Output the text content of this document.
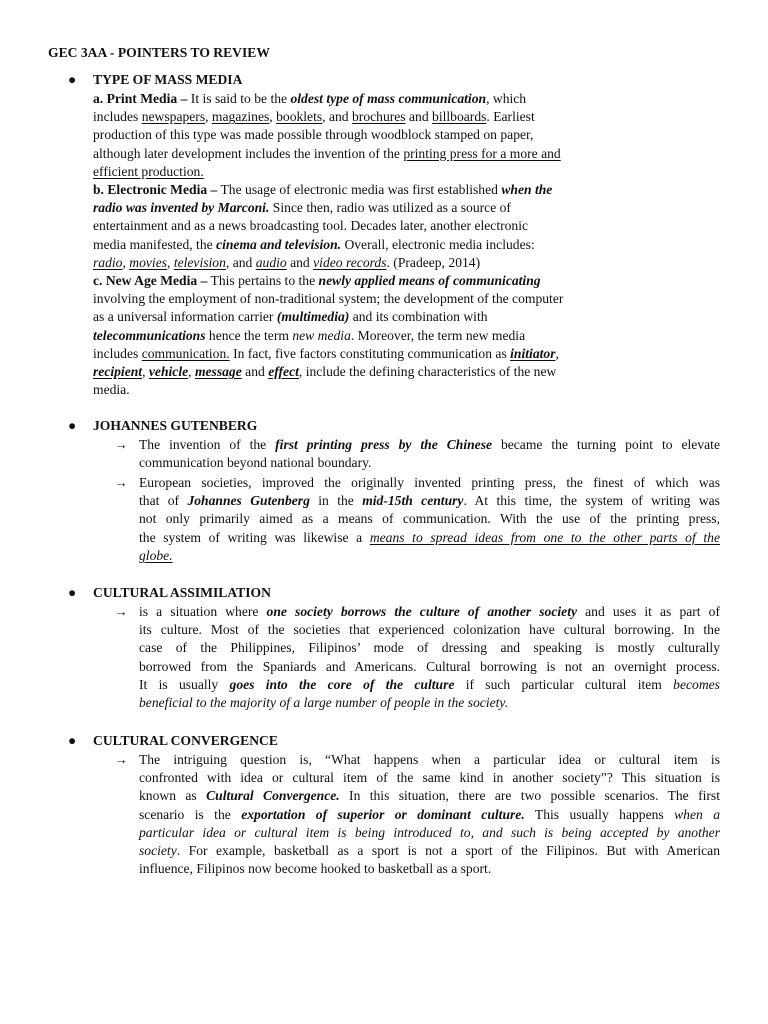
GEC 3AA - POINTERS TO REVIEW
● TYPE OF MASS MEDIA
a. Print Media – It is said to be the oldest type of mass communication, which
includes newspapers, magazines, booklets, and brochures and billboards. Earliest
production of this type was made possible through woodblock stamped on paper,
although later development includes the invention of the printing press for a more and
efficient production.
b. Electronic Media – The usage of electronic media was first established when the
radio was invented by Marconi. Since then, radio was utilized as a source of
entertainment and as a news broadcasting tool. Decades later, another electronic
media manifested, the cinema and television. Overall, electronic media includes:
radio, movies, television, and audio and video records. (Pradeep, 2014)
c. New Age Media – This pertains to the newly applied means of communicating
involving the employment of non-traditional system; the development of the computer
as a universal information carrier (multimedia) and its combination with
telecommunications hence the term new media. Moreover, the term new media
includes communication. In fact, five factors constituting communication as initiator,
recipient, vehicle, message and effect, include the defining characteristics of the new
media.
● JOHANNES GUTENBERG
→ The invention of the first printing press by the Chinese became the turning point to elevate
communication beyond national boundary.
→ European societies, improved the originally invented printing press, the finest of which was
that of Johannes Gutenberg in the mid-15th century. At this time, the system of writing was
not only primarily aimed as a means of communication. With the use of the printing press,
the system of writing was likewise a means to spread ideas from one to the other parts of the
globe.
● CULTURAL ASSIMILATION
→ is a situation where one society borrows the culture of another society and uses it as part of
its culture. Most of the societies that experienced colonization have cultural borrowing. In the
case of the Philippines, Filipinos’ mode of dressing and speaking is mostly culturally
borrowed from the Spaniards and Americans. Cultural borrowing is not an overnight process.
It is usually goes into the core of the culture if such particular cultural item becomes
beneficial to the majority of a large number of people in the society.
● CULTURAL CONVERGENCE
→ The intriguing question is, “What happens when a particular idea or cultural item is
confronted with idea or cultural item of the same kind in another society”? This situation is
known as Cultural Convergence. In this situation, there are two possible scenarios. The first
scenario is the exportation of superior or dominant culture. This usually happens when a
particular idea or cultural item is being introduced to, and such is being accepted by another
society. For example, basketball as a sport is not a sport of the Filipinos. But with American
influence, Filipinos now become hooked to basketball as a sport.
